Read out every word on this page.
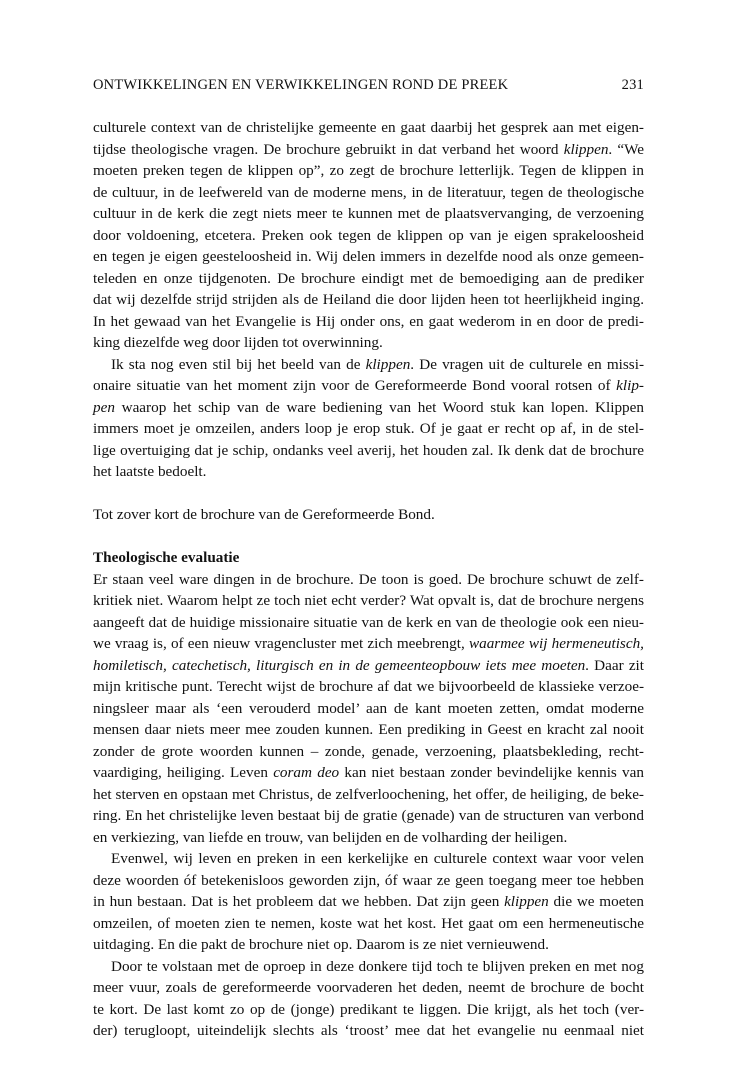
ONTWIKKELINGEN EN VERWIKKELINGEN ROND DE PREEK	231
culturele context van de christelijke gemeente en gaat daarbij het gesprek aan met eigen-
tijdse theologische vragen. De brochure gebruikt in dat verband het woord klippen. “We
moeten preken tegen de klippen op”, zo zegt de brochure letterlijk. Tegen de klippen in
de cultuur, in de leefwereld van de moderne mens, in de literatuur, tegen de theologische
cultuur in de kerk die zegt niets meer te kunnen met de plaatsvervanging, de verzoening
door voldoening, etcetera. Preken ook tegen de klippen op van je eigen sprakeloosheid
en tegen je eigen geesteloosheid in. Wij delen immers in dezelfde nood als onze gemeen-
teleden en onze tijdgenoten. De brochure eindigt met de bemoediging aan de prediker
dat wij dezelfde strijd strijden als de Heiland die door lijden heen tot heerlijkheid inging.
In het gewaad van het Evangelie is Hij onder ons, en gaat wederom in en door de predi-
king diezelfde weg door lijden tot overwinning.
Ik sta nog even stil bij het beeld van de klippen. De vragen uit de culturele en missi-
onaire situatie van het moment zijn voor de Gereformeerde Bond vooral rotsen of klip-
pen waarop het schip van de ware bediening van het Woord stuk kan lopen. Klippen
immers moet je omzeilen, anders loop je erop stuk. Of je gaat er recht op af, in de stel-
lige overtuiging dat je schip, ondanks veel averij, het houden zal. Ik denk dat de brochure
het laatste bedoelt.
Tot zover kort de brochure van de Gereformeerde Bond.
Theologische evaluatie
Er staan veel ware dingen in de brochure. De toon is goed. De brochure schuwt de zelf-
kritiek niet. Waarom helpt ze toch niet echt verder? Wat opvalt is, dat de brochure nergens
aangeeft dat de huidige missionaire situatie van de kerk en van de theologie ook een nieu-
we vraag is, of een nieuw vragencluster met zich meebrengt, waarmee wij hermeneutisch,
homiletisch, catechetisch, liturgisch en in de gemeenteopbouw iets mee moeten. Daar zit
mijn kritische punt. Terecht wijst de brochure af dat we bijvoorbeeld de klassieke verzoe-
ningsleer maar als ‘een verouderd model’ aan de kant moeten zetten, omdat moderne
mensen daar niets meer mee zouden kunnen. Een prediking in Geest en kracht zal nooit
zonder de grote woorden kunnen – zonde, genade, verzoening, plaatsbekleding, recht-
vaardiging, heiliging. Leven coram deo kan niet bestaan zonder bevindelijke kennis van
het sterven en opstaan met Christus, de zelfverloochening, het offer, de heiliging, de beke-
ring. En het christelijke leven bestaat bij de gratie (genade) van de structuren van verbond
en verkiezing, van liefde en trouw, van belijden en de volharding der heiligen.
Evenwel, wij leven en preken in een kerkelijke en culturele context waar voor velen
deze woorden óf betekenisloos geworden zijn, óf waar ze geen toegang meer toe hebben
in hun bestaan. Dat is het probleem dat we hebben. Dat zijn geen klippen die we moeten
omzeilen, of moeten zien te nemen, koste wat het kost. Het gaat om een hermeneutische
uitdaging. En die pakt de brochure niet op. Daarom is ze niet vernieuwend.
Door te volstaan met de oproep in deze donkere tijd toch te blijven preken en met nog
meer vuur, zoals de gereformeerde voorvaderen het deden, neemt de brochure de bocht
te kort. De last komt zo op de (jonge) predikant te liggen. Die krijgt, als het toch (ver-
der) terugloopt, uiteindelijk slechts als ‘troost’ mee dat het evangelie nu eenmaal niet
